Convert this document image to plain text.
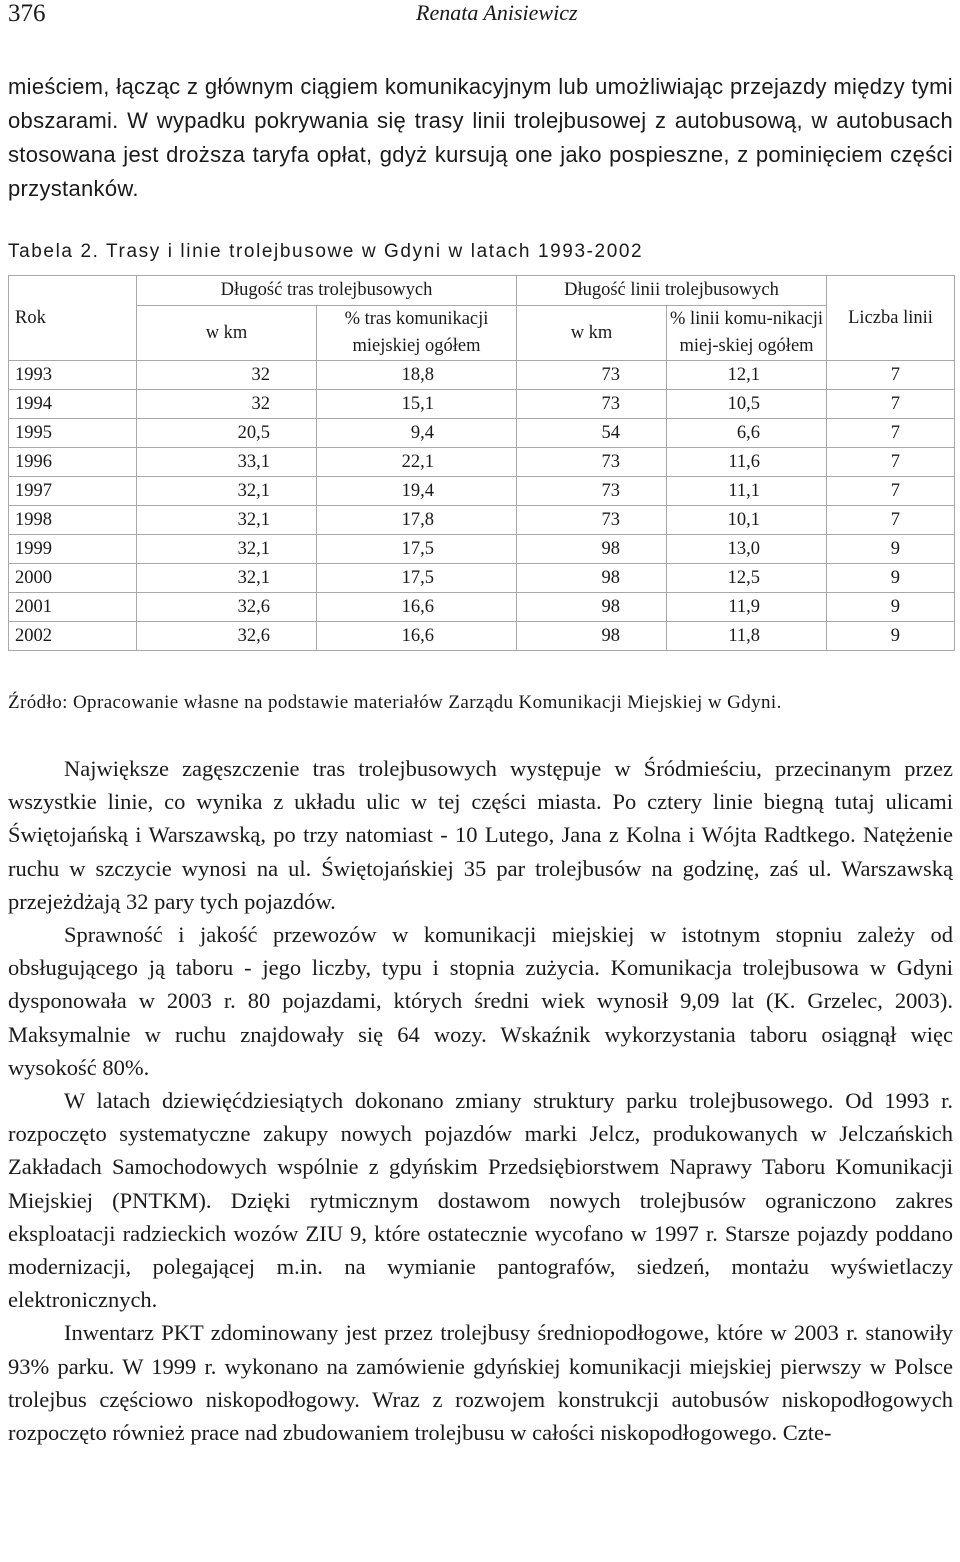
376	Renata Anisiewicz

mieściem, łącząc z głównym ciągiem komunikacyjnym lub umożliwiając przejazdy między tymi obszarami. W wypadku pokrywania się trasy linii trolejbusowej z autobusową, w autobusach stosowana jest droższa taryfa opłat, gdyż kursują one jako pospieszne, z pominięciem części przystanków.

Tabela 2. Trasy i linie trolejbusowe w Gdyni w latach 1993-2002
Rok	Długość tras trolejbusowych		Długość linii trolejbusowych		Liczba linii
	w km	% tras komunikacji miejskiej ogółem	w km	% linii komu-nikacji miej-skiej ogółem	
1993	32	18,8	73	12,1	7
1994	32	15,1	73	10,5	7
1995	20,5	9,4	54	6,6	7
1996	33,1	22,1	73	11,6	7
1997	32,1	19,4	73	11,1	7
1998	32,1	17,8	73	10,1	7
1999	32,1	17,5	98	13,0	9
2000	32,1	17,5	98	12,5	9
2001	32,6	16,6	98	11,9	9
2002	32,6	16,6	98	11,8	9
Źródło: Opracowanie własne na podstawie materiałów Zarządu Komunikacji Miejskiej w Gdyni.

Największe zagęszczenie tras trolejbusowych występuje w Śródmieściu, przecinanym przez wszystkie linie, co wynika z układu ulic w tej części miasta. Po cztery linie biegną tutaj ulicami Świętojańską i Warszawską, po trzy natomiast - 10 Lutego, Jana z Kolna i Wójta Radtkego. Natężenie ruchu w szczycie wynosi na ul. Świętojańskiej 35 par trolejbusów na godzinę, zaś ul. Warszawską przejeżdżają 32 pary tych pojazdów.

Sprawność i jakość przewozów w komunikacji miejskiej w istotnym stopniu zależy od obsługującego ją taboru - jego liczby, typu i stopnia zużycia. Komunikacja trolejbusowa w Gdyni dysponowała w 2003 r. 80 pojazdami, których średni wiek wynosił 9,09 lat (K. Grzelec, 2003). Maksymalnie w ruchu znajdowały się 64 wozy. Wskaźnik wykorzystania taboru osiągnął więc wysokość 80%.

W latach dziewięćdziesiątych dokonano zmiany struktury parku trolejbusowego. Od 1993 r. rozpoczęto systematyczne zakupy nowych pojazdów marki Jelcz, produkowanych w Jelczańskich Zakładach Samochodowych wspólnie z gdyńskim Przedsiębiorstwem Naprawy Taboru Komunikacji Miejskiej (PNTKM). Dzięki rytmicznym dostawom nowych trolejbusów ograniczono zakres eksploatacji radzieckich wozów ZIU 9, które ostatecznie wycofano w 1997 r. Starsze pojazdy poddano modernizacji, polegającej m.in. na wymianie pantografów, siedzeń, montażu wyświetlaczy elektronicznych.

Inwentarz PKT zdominowany jest przez trolejbusy średniopodłogowe, które w 2003 r. stanowiły 93% parku. W 1999 r. wykonano na zamówienie gdyńskiej komunikacji miejskiej pierwszy w Polsce trolejbus częściowo niskopodłogowy. Wraz z rozwojem konstrukcji autobusów niskopodłogowych rozpoczęto również prace nad zbudowaniem trolejbusu w całości niskopodłogowego. Czte-
